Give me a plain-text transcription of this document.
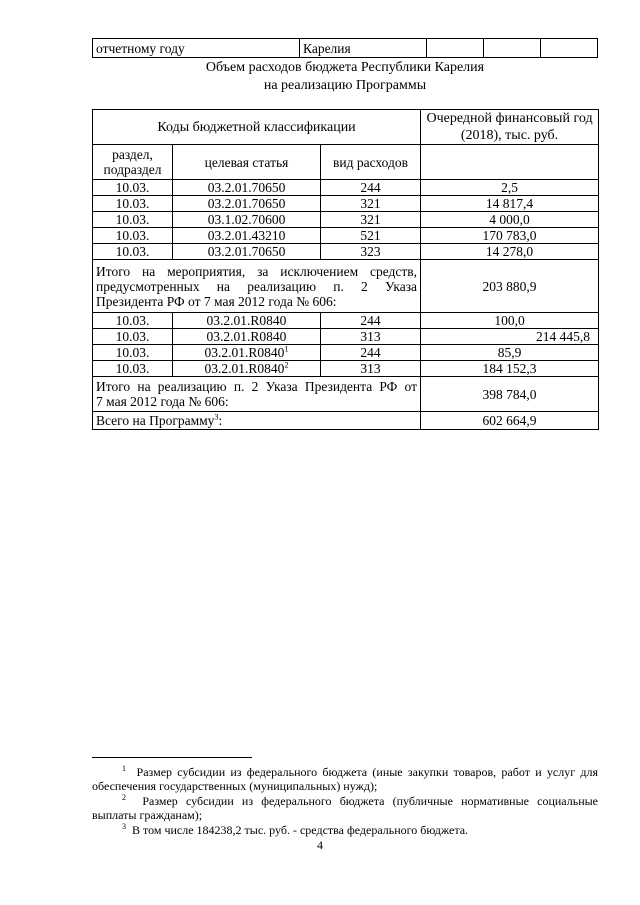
отчетному году	Карелия			
Объем расходов бюджета Республики Карелия
на реализацию Программы
Коды бюджетной классификации			Очередной финансовый год (2018), тыс. руб.
раздел, подраздел	целевая статья	вид расходов	
10.03.	03.2.01.70650	244	2,5
10.03.	03.2.01.70650	321	14 817,4
10.03.	03.1.02.70600	321	4 000,0
10.03.	03.2.01.43210	521	170 783,0
10.03.	03.2.01.70650	323	14 278,0

Итого на мероприятия, за исключением средств,
предусмотренных на реализацию п. 2 Указа
Президента РФ от 7 мая 2012 года № 606:			203 880,9
10.03.	03.2.01.R0840	244	100,0
10.03.	03.2.01.R0840	313	214 445,8
10.03.	03.2.01.R0840$^1$	244	85,9
10.03.	03.2.01.R0840$^2$	313	184 152,3

Итого на реализацию п. 2 Указа Президента РФ от
7 мая 2012 года № 606:			398 784,0
Всего на Программу$^3$:			602 664,9
$^1$ Размер субсидии из федерального бюджета (иные закупки товаров, работ и услуг для обеспечения государственных (муниципальных) нужд);
$^2$ Размер субсидии из федерального бюджета (публичные нормативные социальные выплаты гражданам);
$^3$ В том числе 184238,2 тыс. руб. - средства федерального бюджета.
4
